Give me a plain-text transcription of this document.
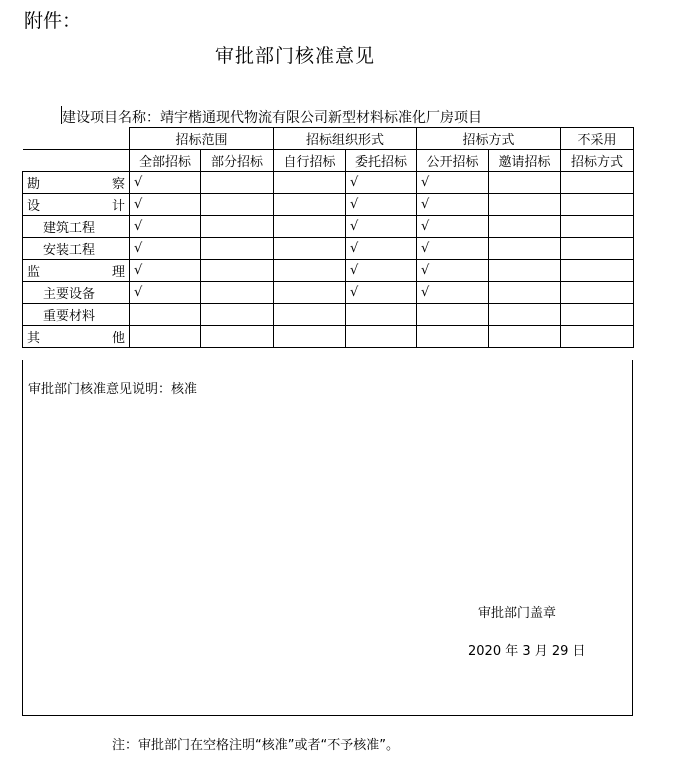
附件：
审批部门核准意见
建设项目名称：靖宇楷通现代物流有限公司新型材料标准化厂房项目
	招标范围		招标组织形式		招标方式		不采用
	全部招标	部分招标	自行招标	委托招标	公开招标	邀请招标	招标方式

勘 察	√			√	√		

设 计	√			√	√		
建筑工程	√			√	√		
安装工程	√			√	√		

监 理	√			√	√		
主要设备	√			√	√		
重要材料							

其 他							

审批部门核准意见说明：核准
审批部门盖章
2020 年 3 月 29 日
注：审批部门在空格注明“核准”或者“不予核准”。
